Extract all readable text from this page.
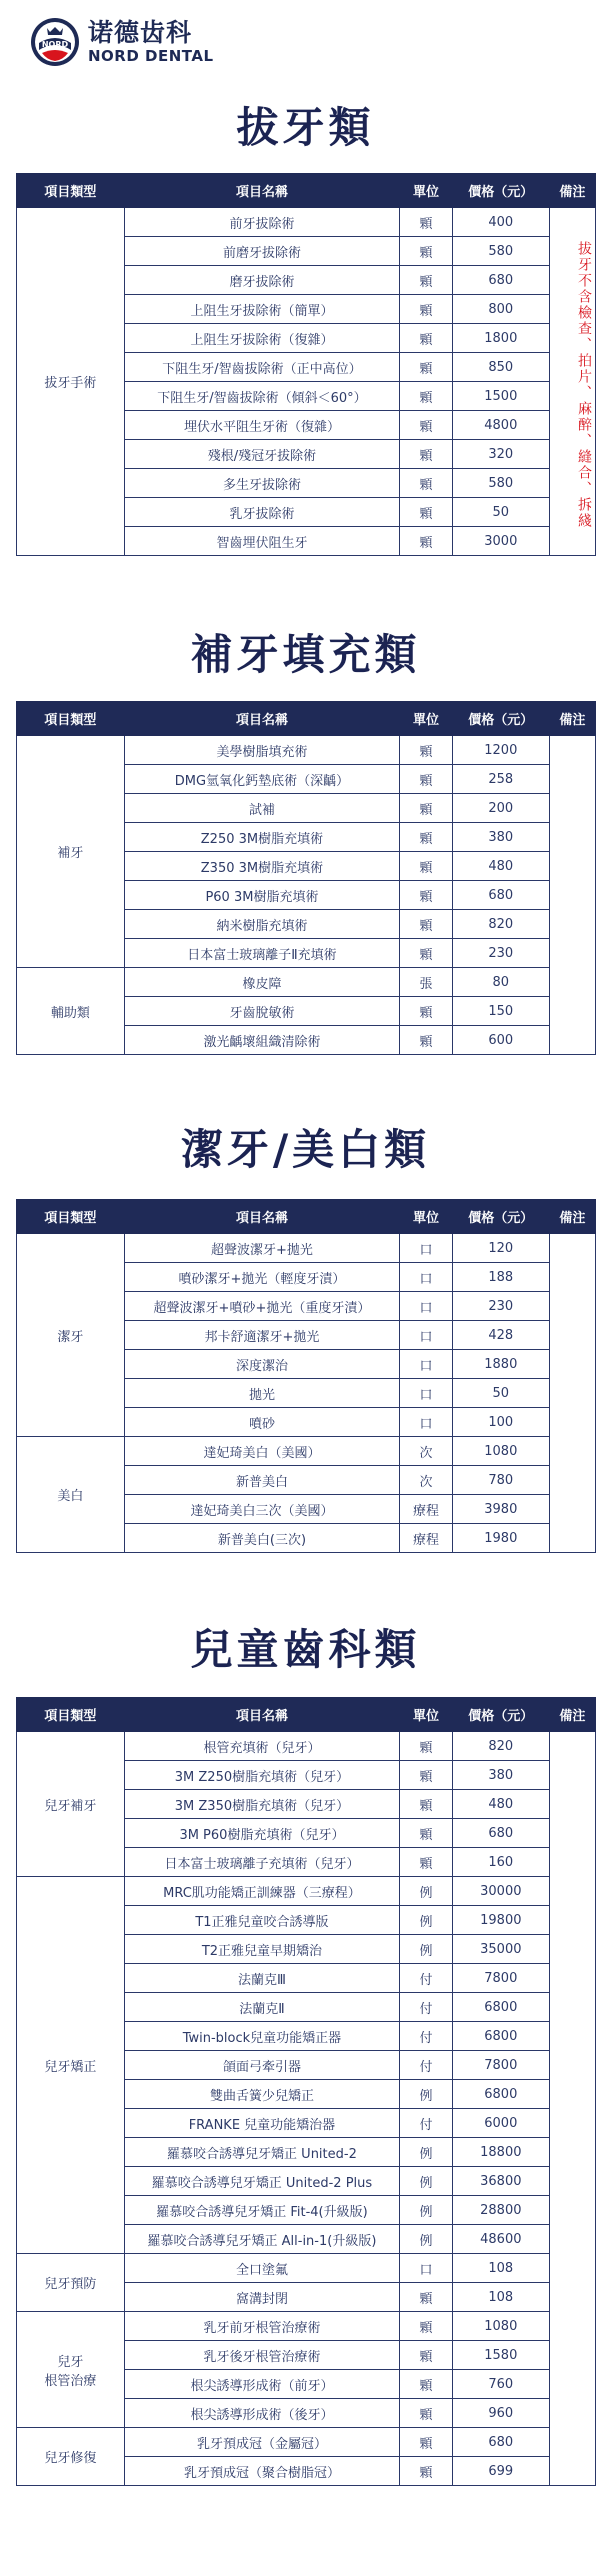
NORD 诺德齿科
NORD DENTAL
拔牙類
項目類型	項目名稱	單位	價格（元）	備注
拔牙手術	前牙拔除術	顆	400	拔牙不含檢查、拍片、麻醉、縫合、拆綫
	前磨牙拔除術	顆	580	
	磨牙拔除術	顆	680	
	上阻生牙拔除術（簡單）	顆	800	
	上阻生牙拔除術（復雜）	顆	1800	
	下阻生牙/智齒拔除術（正中高位）	顆	850	
	下阻生牙/智齒拔除術（傾斜＜60°）	顆	1500	
	埋伏水平阻生牙術（復雜）	顆	4800	
	殘根/殘冠牙拔除術	顆	320	
	多生牙拔除術	顆	580	
	乳牙拔除術	顆	50	
	智齒埋伏阻生牙	顆	3000	
補牙填充類
項目類型	項目名稱	單位	價格（元）	備注
補牙	美學樹脂填充術	顆	1200	
	DMG氫氧化鈣墊底術（深齲）	顆	258	
	試補	顆	200	
	Z250 3M樹脂充填術	顆	380	
	Z350 3M樹脂充填術	顆	480	
	P60 3M樹脂充填術	顆	680	
	納米樹脂充填術	顆	820	
	日本富士玻璃離子Ⅱ充填術	顆	230	
輔助類	橡皮障	張	80	
	牙齒脫敏術	顆	150	
	激光齲壞組織清除術	顆	600	
潔牙/美白類
項目類型	項目名稱	單位	價格（元）	備注
潔牙	超聲波潔牙+拋光	口	120	
	噴砂潔牙+拋光（輕度牙漬）	口	188	
	超聲波潔牙+噴砂+拋光（重度牙漬）	口	230	
	邦卡舒適潔牙+拋光	口	428	
	深度潔治	口	1880	
	拋光	口	50	
	噴砂	口	100	
美白	達妃琦美白（美國）	次	1080	
	新普美白	次	780	
	達妃琦美白三次（美國）	療程	3980	
	新普美白(三次)	療程	1980	
兒童齒科類
項目類型	項目名稱	單位	價格（元）	備注
兒牙補牙	根管充填術（兒牙）	顆	820	
	3M Z250樹脂充填術（兒牙）	顆	380	
	3M Z350樹脂充填術（兒牙）	顆	480	
	3M P60樹脂充填術（兒牙）	顆	680	
	日本富士玻璃離子充填術（兒牙）	顆	160	
兒牙矯正	MRC肌功能矯正訓練器（三療程）	例	30000	
	T1正雅兒童咬合誘導版	例	19800	
	T2正雅兒童早期矯治	例	35000	
	法蘭克Ⅲ	付	7800	
	法蘭克Ⅱ	付	6800	
	Twin-block兒童功能矯正器	付	6800	
	頜面弓牽引器	付	7800	
	雙曲舌簧少兒矯正	例	6800	
	FRANKE 兒童功能矯治器	付	6000	
	羅慕咬合誘導兒牙矯正 United-2	例	18800	
	羅慕咬合誘導兒牙矯正 United-2 Plus	例	36800	
	羅慕咬合誘導兒牙矯正 Fit-4(升級版)	例	28800	
	羅慕咬合誘導兒牙矯正 All-in-1(升級版)	例	48600	
兒牙預防	全口塗氟	口	108	
	窩溝封閉	顆	108	
兒牙
根管治療	乳牙前牙根管治療術	顆	1080	
	乳牙後牙根管治療術	顆	1580	
	根尖誘導形成術（前牙）	顆	760	
	根尖誘導形成術（後牙）	顆	960	
兒牙修復	乳牙預成冠（金屬冠）	顆	680	
	乳牙預成冠（聚合樹脂冠）	顆	699	
